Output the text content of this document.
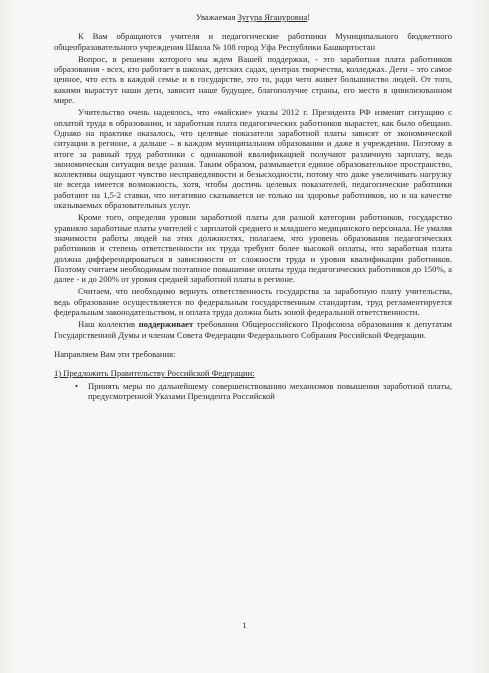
Уважаемая Зугура Ягануровна!

К Вам обращаются учителя и педагогические работники Муниципального бюджетного общеобразовательного учреждения Школа № 108 город Уфа Республики Башкортостан

Вопрос, в решении которого мы ждем Вашей поддержки, - это заработная плата работников образования - всех, кто работает в школах, детских садах, центрах творчества, колледжах. Дети – это самое ценное, что есть в каждой семье и в государстве, это то, ради чего живет большинство людей. От того, какими вырастут наши дети, зависит наше будущее, благополучие страны, его место в цивилизованном мире.

Учительство очень надеялось, что «майские» указы 2012 г. Президента РФ изменят ситуацию с оплатой труда в образовании, и заработная плата педагогических работников вырастет, как было обещано. Однако на практике оказалось, что целевые показатели заработной платы зависят от экономической ситуации в регионе, а дальше – в каждом муниципальном образовании и даже в учреждении. Поэтому в итоге за равный труд работники с одинаковой квалификацией получают различную зарплату, ведь экономическая ситуация везде разная. Таким образом, размывается единое образовательное пространство, коллективы ощущают чувство несправедливости и безысходности, потому что даже увеличивать нагрузку не всегда имеется возможность, хотя, чтобы достичь целевых показателей, педагогические работники работают на 1,5-2 ставки, что негативно сказывается не только на здоровье работников, но и на качестве оказываемых образовательных услуг.

Кроме того, определяя уровни заработной платы для разной категории работников, государство уравняло заработные платы учителей с зарплатой среднего и младшего медицинского персонала. Не умаляя значимости работы людей на этих должностях, полагаем, что уровень образования педагогических работников и степень ответственности их труда требуют более высокой оплаты, что заработная плата должна дифференцироваться в зависимости от сложности труда и уровня квалификации работников. Поэтому считаем необходимым поэтапное повышение оплаты труда педагогических работников до 150%, а далее - и до 200% от уровня средней заработной платы в регионе.

Считаем, что необходимо вернуть ответственность государства за заработную плату учительства, ведь образование осуществляется по федеральным государственным стандартам, труд регламентируется федеральным законодательством, и оплата труда должна быть зоной федеральной ответственности.

Наш коллектив поддерживает требования Общероссийского Профсоюза образования к депутатам Государственной Думы и членам Совета Федерации Федерального Собрания Российской Федерации.

Направляем Вам эти требования:

1) Предложить Правительству Российской Федерации:

•	Принять меры по дальнейшему совершенствованию механизмов повышения заработной платы, предусмотренной Указами Президента Российской
1
